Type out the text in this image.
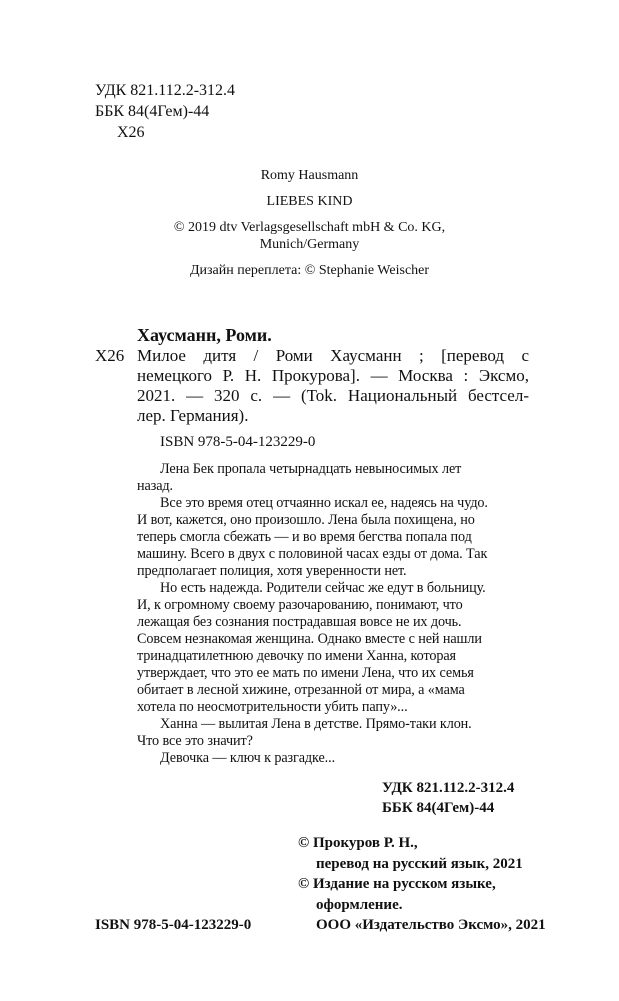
УДК 821.112.2-312.4
ББК 84(4Гем)-44
Х26
Romy Hausmann
LIEBES KIND
© 2019 dtv Verlagsgesellschaft mbH & Co. KG,
Munich/Germany
Дизайн переплета: © Stephanie Weischer
Хаусманн, Роми.
Х26 Милое дитя / Роми Хаусманн ; [перевод с
немецкого Р. Н. Прокурова]. — Москва : Эксмо,
2021. — 320 с. — (Tok. Национальный бестсел-
лер. Германия).
ISBN 978-5-04-123229-0
Лена Бек пропала четырнадцать невыносимых лет
назад.
Все это время отец отчаянно искал ее, надеясь на чудо.
И вот, кажется, оно произошло. Лена была похищена, но
теперь смогла сбежать — и во время бегства попала под
машину. Всего в двух с половиной часах езды от дома. Так
предполагает полиция, хотя уверенности нет.
Но есть надежда. Родители сейчас же едут в больницу.
И, к огромному своему разочарованию, понимают, что
лежащая без сознания пострадавшая вовсе не их дочь.
Совсем незнакомая женщина. Однако вместе с ней нашли
тринадцатилетнюю девочку по имени Ханна, которая
утверждает, что это ее мать по имени Лена, что их семья
обитает в лесной хижине, отрезанной от мира, а «мама
хотела по неосмотрительности убить папу»...
Ханна — вылитая Лена в детстве. Прямо-таки клон.
Что все это значит?
Девочка — ключ к разгадке...
УДК 821.112.2-312.4
ББК 84(4Гем)-44
© Прокуров Р. Н.,
перевод на русский язык, 2021
© Издание на русском языке,
оформление.
ООО «Издательство Эксмо», 2021
ISBN 978-5-04-123229-0
